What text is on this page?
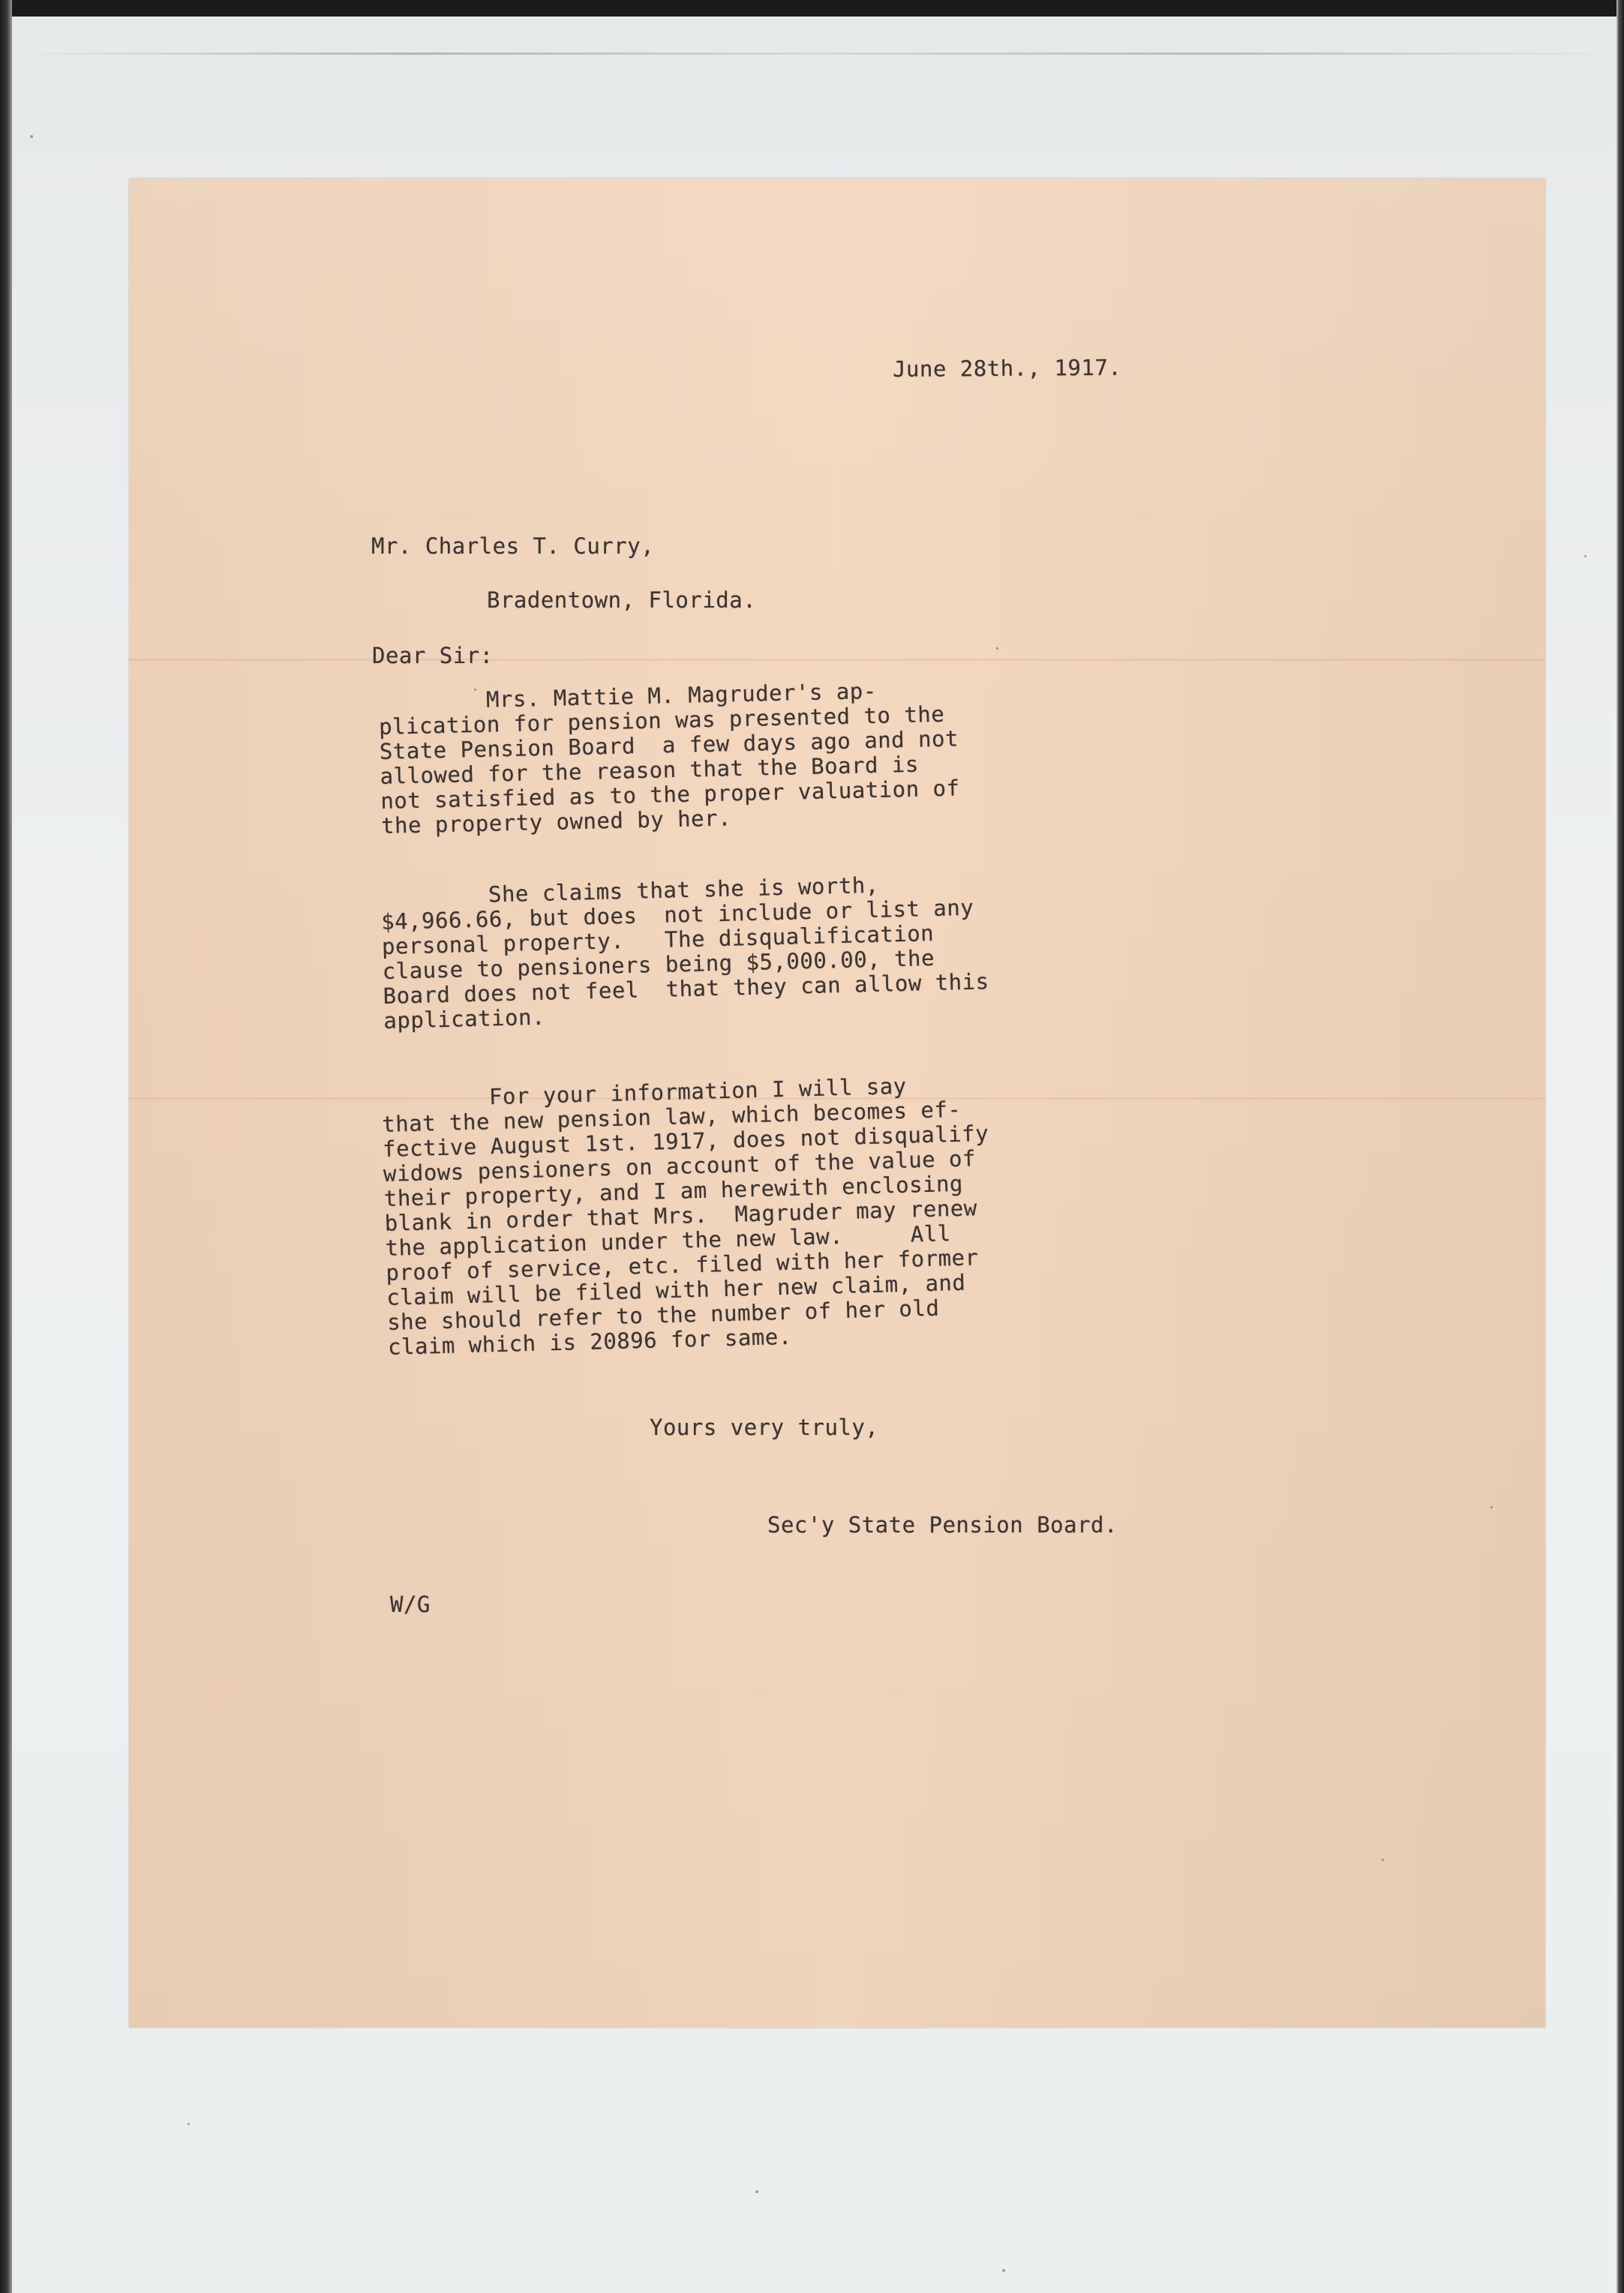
June 28th., 1917.

Mr. Charles T. Curry,

Bradentown, Florida.

Dear Sir:

Mrs. Mattie M. Magruder's ap-
plication for pension was presented to the
State Pension Board  a few days ago and not
allowed for the reason that the Board is
not satisfied as to the proper valuation of
the property owned by her.

She claims that she is worth,
$4,966.66, but does  not include or list any
personal property.   The disqualification
clause to pensioners being $5,000.00, the
Board does not feel  that they can allow this
application.

For your information I will say
that the new pension law, which becomes ef-
fective August 1st. 1917, does not disqualify
widows pensioners on account of the value of
their property, and I am herewith enclosing
blank in order that Mrs.  Magruder may renew
the application under the new law.     All
proof of service, etc. filed with her former
claim will be filed with her new claim, and
she should refer to the number of her old
claim which is 20896 for same.

Yours very truly,

Sec'y State Pension Board.

W/G
